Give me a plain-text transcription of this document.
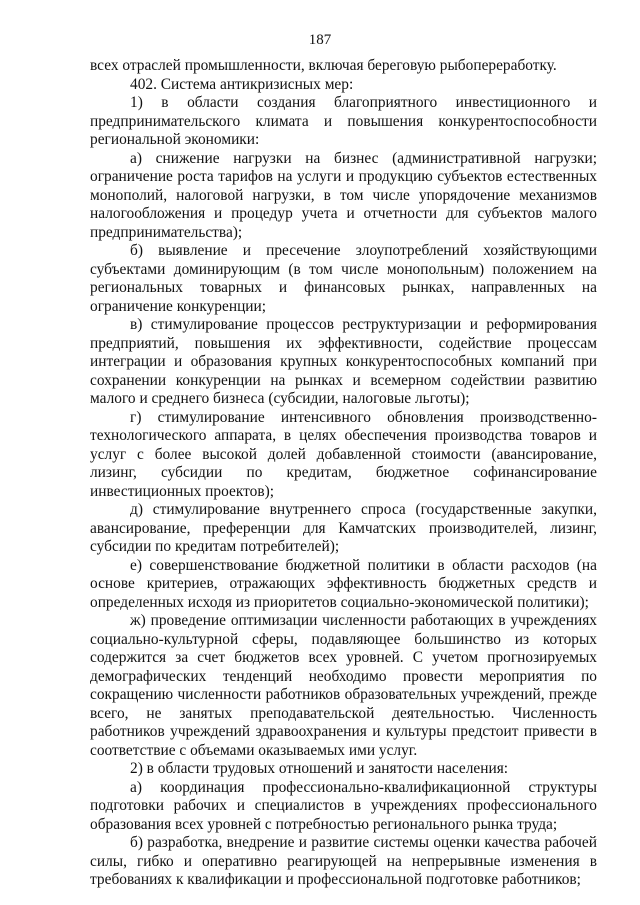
187

всех отраслей промышленности, включая береговую рыбопереработку.

402. Система антикризисных мер:

1) в области создания благоприятного инвестиционного и предпринимательского климата и повышения конкурентоспособности региональной экономики:

а) снижение нагрузки на бизнес (административной нагрузки; ограничение роста тарифов на услуги и продукцию субъектов естественных монополий, налоговой нагрузки, в том числе упорядочение механизмов налогообложения и процедур учета и отчетности для субъектов малого предпринимательства);

б) выявление и пресечение злоупотреблений хозяйствующими субъектами доминирующим (в том числе монопольным) положением на региональных товарных и финансовых рынках, направленных на ограничение конкуренции;

в) стимулирование процессов реструктуризации и реформирования предприятий, повышения их эффективности, содействие процессам интеграции и образования крупных конкурентоспособных компаний при сохранении конкуренции на рынках и всемерном содействии развитию малого и среднего бизнеса (субсидии, налоговые льготы);

г) стимулирование интенсивного обновления производственно-технологического аппарата, в целях обеспечения производства товаров и услуг с более высокой долей добавленной стоимости (авансирование, лизинг, субсидии по кредитам, бюджетное софинансирование инвестиционных проектов);

д) стимулирование внутреннего спроса (государственные закупки, авансирование, преференции для Камчатских производителей, лизинг, субсидии по кредитам потребителей);

е) совершенствование бюджетной политики в области расходов (на основе критериев, отражающих эффективность бюджетных средств и определенных исходя из приоритетов социально-экономической политики);

ж) проведение оптимизации численности работающих в учреждениях социально-культурной сферы, подавляющее большинство из которых содержится за счет бюджетов всех уровней. С учетом прогнозируемых демографических тенденций необходимо провести мероприятия по сокращению численности работников образовательных учреждений, прежде всего, не занятых преподавательской деятельностью. Численность работников учреждений здравоохранения и культуры предстоит привести в соответствие с объемами оказываемых ими услуг.

2) в области трудовых отношений и занятости населения:

а) координация профессионально-квалификационной структуры подготовки рабочих и специалистов в учреждениях профессионального образования всех уровней с потребностью регионального рынка труда;

б) разработка, внедрение и развитие системы оценки качества рабочей силы, гибко и оперативно реагирующей на непрерывные изменения в требованиях к квалификации и профессиональной подготовке работников;
